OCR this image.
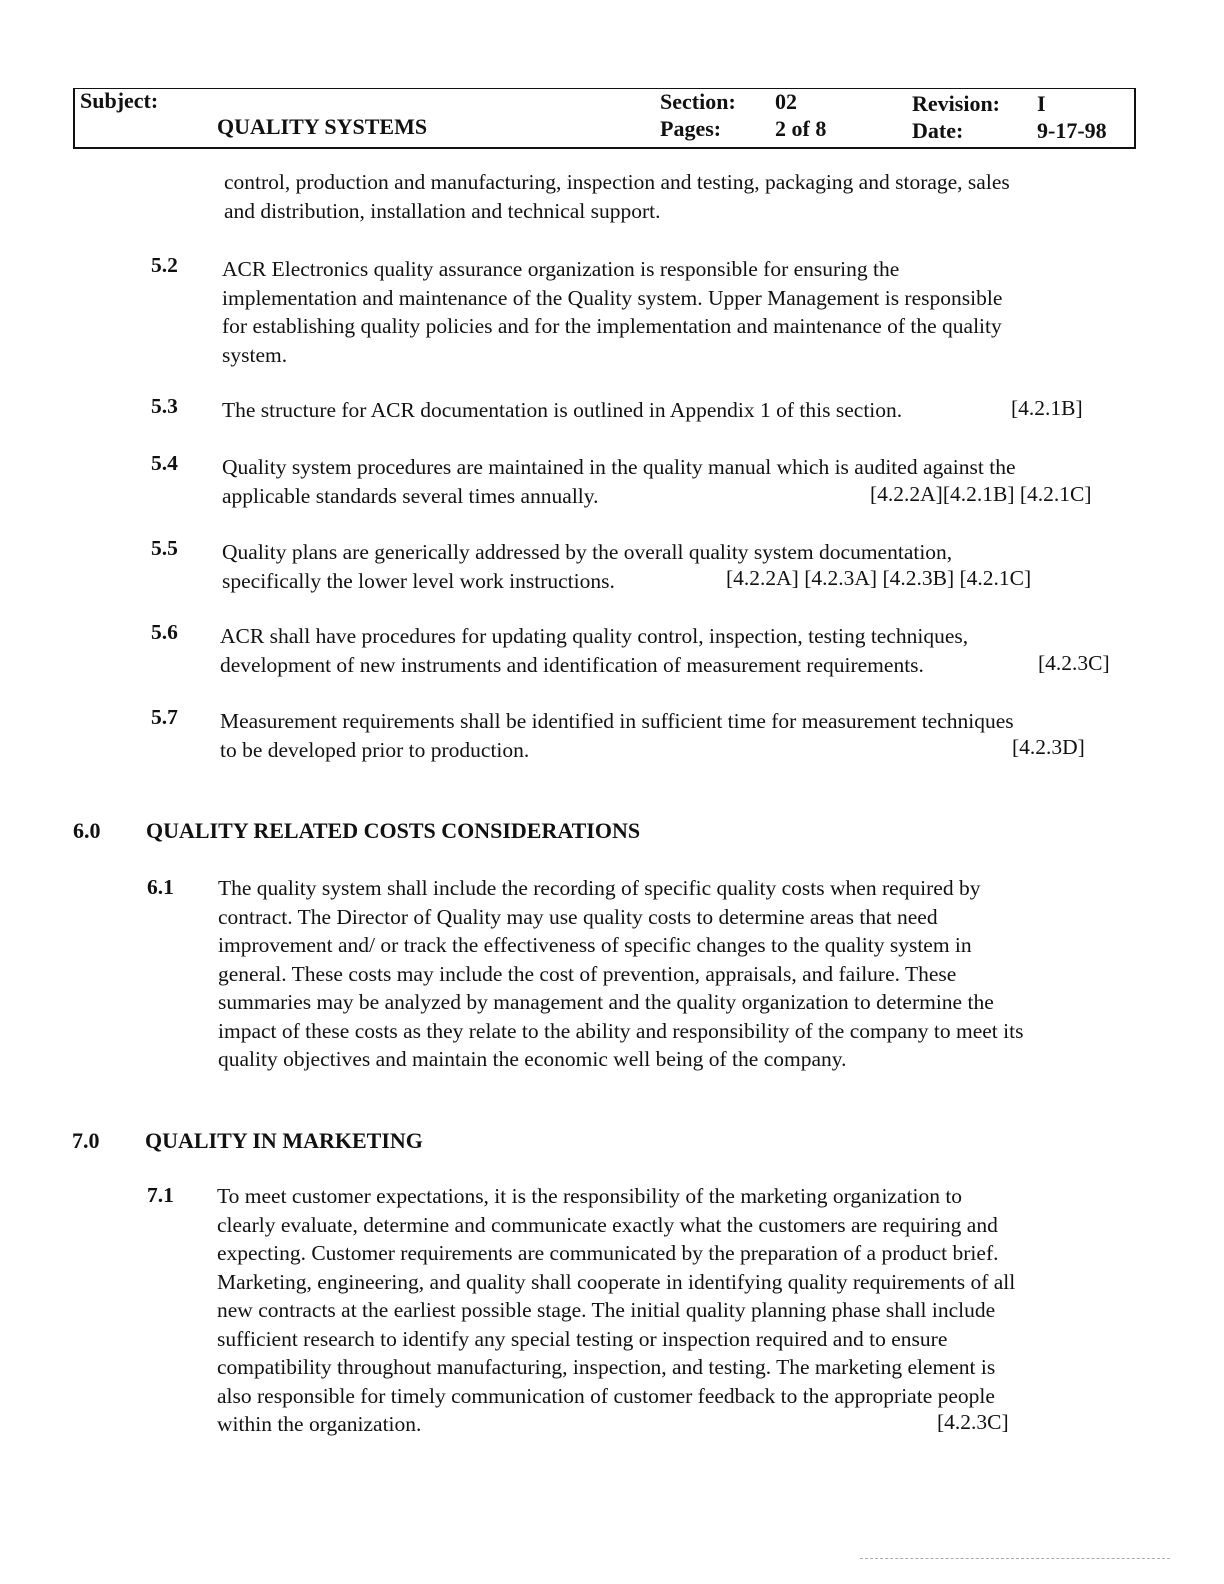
Subject:
QUALITY SYSTEMS
Section: 02
Pages: 2 of 8
Revision: I
Date:	9-17-98
control, production and manufacturing, inspection and testing, packaging and storage, sales
and distribution, installation and technical support.
5.2 ACR Electronics quality assurance organization is responsible for ensuring the
implementation and maintenance of the Quality system. Upper Management is responsible
for establishing quality policies and for the implementation and maintenance of the quality
system.
5.3 The structure for ACR documentation is outlined in Appendix 1 of this section.	[4.2.1B]
5.4 Quality system procedures are maintained in the quality manual which is audited against the
applicable standards several times annually.	[4.2.2A][4.2.1B] [4.2.1C]
5.5 Quality plans are generically addressed by the overall quality system documentation,
specifically the lower level work instructions.	[4.2.2A] [4.2.3A] [4.2.3B] [4.2.1C]
5.6 ACR shall have procedures for updating quality control, inspection, testing techniques,
development of new instruments and identification of measurement requirements.	[4.2.3C]
5.7 Measurement requirements shall be identified in sufficient time for measurement techniques
to be developed prior to production.	[4.2.3D]
6.0 QUALITY RELATED COSTS CONSIDERATIONS
6.1 The quality system shall include the recording of specific quality costs when required by
contract. The Director of Quality may use quality costs to determine areas that need
improvement and/ or track the effectiveness of specific changes to the quality system in
general. These costs may include the cost of prevention, appraisals, and failure. These
summaries may be analyzed by management and the quality organization to determine the
impact of these costs as they relate to the ability and responsibility of the company to meet its
quality objectives and maintain the economic well being of the company.
7.0 QUALITY IN MARKETING
7.1 To meet customer expectations, it is the responsibility of the marketing organization to
clearly evaluate, determine and communicate exactly what the customers are requiring and
expecting. Customer requirements are communicated by the preparation of a product brief.
Marketing, engineering, and quality shall cooperate in identifying quality requirements of all
new contracts at the earliest possible stage. The initial quality planning phase shall include
sufficient research to identify any special testing or inspection required and to ensure
compatibility throughout manufacturing, inspection, and testing. The marketing element is
also responsible for timely communication of customer feedback to the appropriate people
within the organization.	[4.2.3C]
